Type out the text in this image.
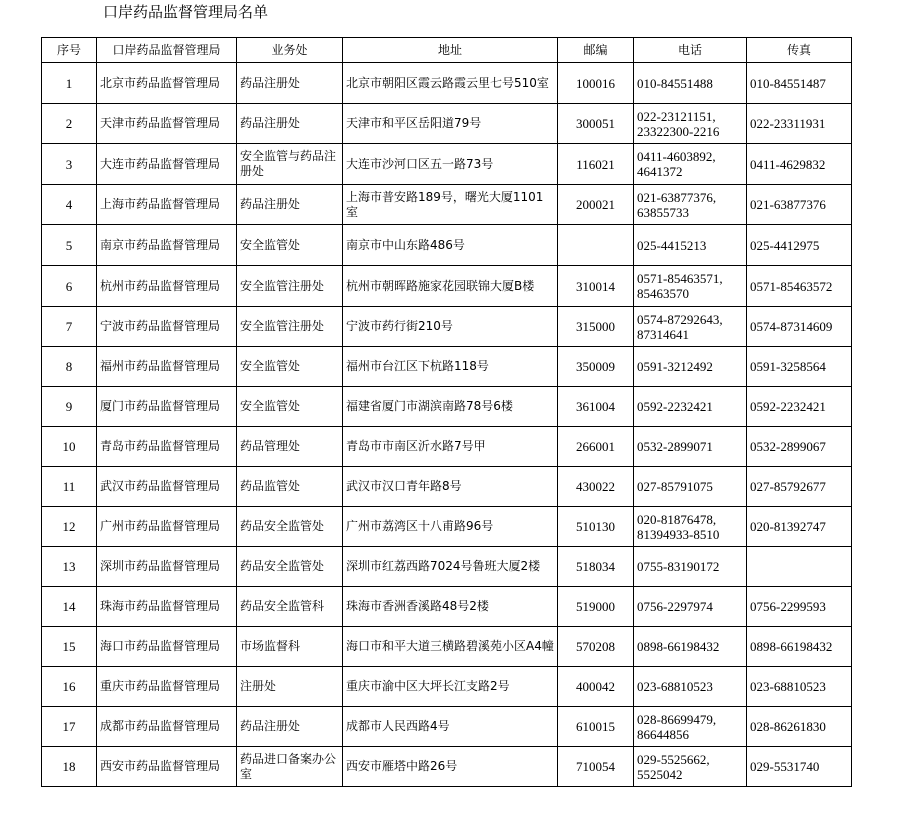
口岸药品监督管理局名单
序号	口岸药品监督管理局	业务处	地址	邮编	电话	传真
1	北京市药品监督管理局	药品注册处	北京市朝阳区霞云路霞云里七号510室	100016	010-84551488	010-84551487
2	天津市药品监督管理局	药品注册处	天津市和平区岳阳道79号	300051	022-23121151, 23322300-2216	022-23311931
3	大连市药品监督管理局	安全监管与药品注册处	大连市沙河口区五一路73号	116021	0411-4603892, 4641372	0411-4629832
4	上海市药品监督管理局	药品注册处	上海市普安路189号，曙光大厦1101室	200021	021-63877376, 63855733	021-63877376
5	南京市药品监督管理局	安全监管处	南京市中山东路486号		025-4415213	025-4412975
6	杭州市药品监督管理局	安全监管注册处	杭州市朝晖路施家花园联锦大厦B楼	310014	0571-85463571, 85463570	0571-85463572
7	宁波市药品监督管理局	安全监管注册处	宁波市药行街210号	315000	0574-87292643, 87314641	0574-87314609
8	福州市药品监督管理局	安全监管处	福州市台江区下杭路118号	350009	0591-3212492	0591-3258564
9	厦门市药品监督管理局	安全监管处	福建省厦门市湖滨南路78号6楼	361004	0592-2232421	0592-2232421
10	青岛市药品监督管理局	药品管理处	青岛市市南区沂水路7号甲	266001	0532-2899071	0532-2899067
11	武汉市药品监督管理局	药品监管处	武汉市汉口青年路8号	430022	027-85791075	027-85792677
12	广州市药品监督管理局	药品安全监管处	广州市荔湾区十八甫路96号	510130	020-81876478, 81394933-8510	020-81392747
13	深圳市药品监督管理局	药品安全监管处	深圳市红荔西路7024号鲁班大厦2楼	518034	0755-83190172	
14	珠海市药品监督管理局	药品安全监管科	珠海市香洲香溪路48号2楼	519000	0756-2297974	0756-2299593
15	海口市药品监督管理局	市场监督科	海口市和平大道三横路碧溪苑小区A4幢	570208	0898-66198432	0898-66198432
16	重庆市药品监督管理局	注册处	重庆市渝中区大坪长江支路2号	400042	023-68810523	023-68810523
17	成都市药品监督管理局	药品注册处	成都市人民西路4号	610015	028-86699479, 86644856	028-86261830
18	西安市药品监督管理局	药品进口备案办公室	西安市雁塔中路26号	710054	029-5525662, 5525042	029-5531740
